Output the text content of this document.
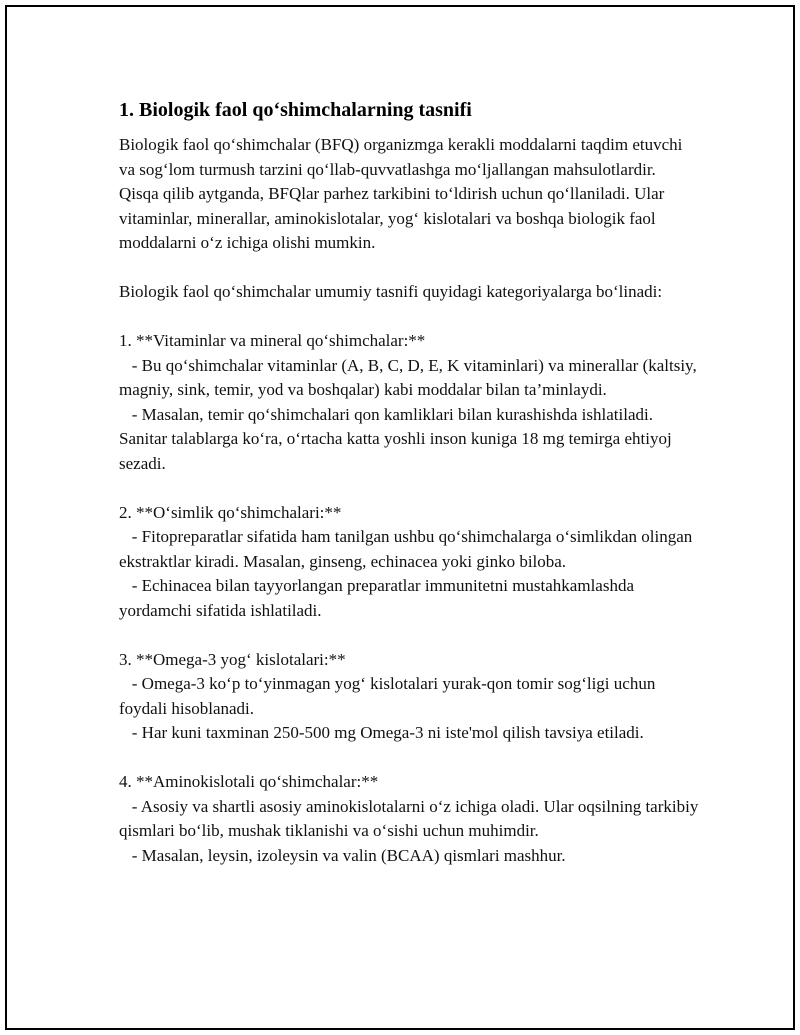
1. Biologik faol qo‘shimchalarning tasnifi

Biologik faol qo‘shimchalar (BFQ) organizmga kerakli moddalarni taqdim etuvchi va sog‘lom turmush tarzini qo‘llab-quvvatlashga mo‘ljallangan mahsulotlardir. Qisqa qilib aytganda, BFQlar parhez tarkibini to‘ldirish uchun qo‘llaniladi. Ular vitaminlar, minerallar, aminokislotalar, yog‘ kislotalari va boshqa biologik faol moddalarni o‘z ichiga olishi mumkin.

Biologik faol qo‘shimchalar umumiy tasnifi quyidagi kategoriyalarga bo‘linadi:

1. **Vitaminlar va mineral qo‘shimchalar:**

- Bu qo‘shimchalar vitaminlar (A, B, C, D, E, K vitaminlari) va minerallar (kaltsiy, magniy, sink, temir, yod va boshqalar) kabi moddalar bilan ta’minlaydi.

- Masalan, temir qo‘shimchalari qon kamliklari bilan kurashishda ishlatiladi. Sanitar talablarga ko‘ra, o‘rtacha katta yoshli inson kuniga 18 mg temirga ehtiyoj sezadi.

2. **O‘simlik qo‘shimchalari:**

- Fitopreparatlar sifatida ham tanilgan ushbu qo‘shimchalarga o‘simlikdan olingan ekstraktlar kiradi. Masalan, ginseng, echinacea yoki ginko biloba.

- Echinacea bilan tayyorlangan preparatlar immunitetni mustahkamlashda yordamchi sifatida ishlatiladi.

3. **Omega-3 yog‘ kislotalari:**

- Omega-3 ko‘p to‘yinmagan yog‘ kislotalari yurak-qon tomir sog‘ligi uchun foydali hisoblanadi.

- Har kuni taxminan 250-500 mg Omega-3 ni iste'mol qilish tavsiya etiladi.

4. **Aminokislotali qo‘shimchalar:**

- Asosiy va shartli asosiy aminokislotalarni o‘z ichiga oladi. Ular oqsilning tarkibiy qismlari bo‘lib, mushak tiklanishi va o‘sishi uchun muhimdir.

- Masalan, leysin, izoleysin va valin (BCAA) qismlari mashhur.
